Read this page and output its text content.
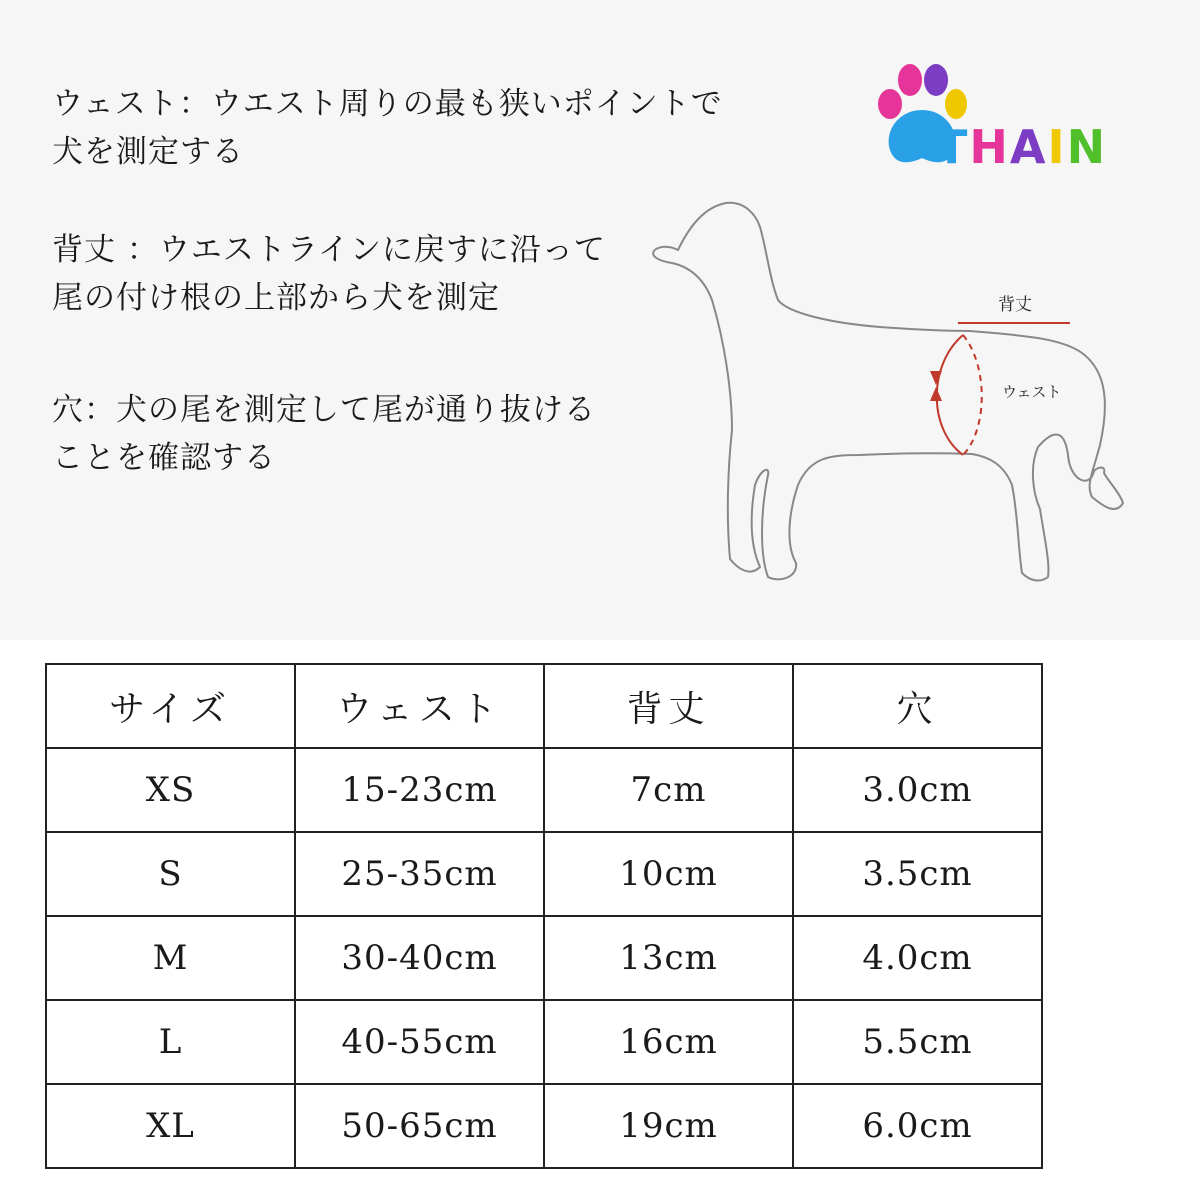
ウェスト：ウエスト周りの最も狭いポイントで
犬を測定する
背丈 ：ウエストラインに戻すに沿って
尾の付け根の上部から犬を測定
穴：犬の尾を測定して尾が通り抜ける
ことを確認する
THAIN
背丈
ウェスト
サイズ	ウェスト	背丈	穴
XS	15-23cm	7cm	3.0cm
S	25-35cm	10cm	3.5cm
M	30-40cm	13cm	4.0cm
L	40-55cm	16cm	5.5cm
XL	50-65cm	19cm	6.0cm
